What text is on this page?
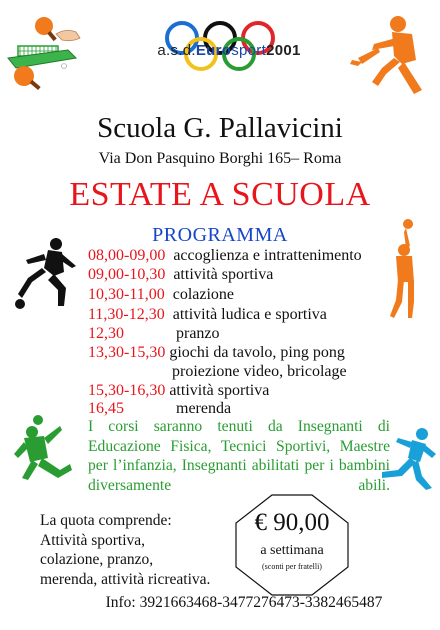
a.s.d.Eurosport2001
Scuola G. Pallavicini
Via Don Pasquino Borghi 165– Roma
ESTATE A SCUOLA
PROGRAMMA
08,00-09,00 accoglienza e intrattenimento
09,00-10,30 attività sportiva
10,30-11,00 colazione
11,30-12,30 attività ludica e sportiva
12,30	pranzo
13,30-15,30 giochi da tavolo, ping pong
proiezione video, bricolage
15,30-16,30 attività sportiva
16,45	merenda
I corsi saranno tenuti da Insegnanti di Educazione Fisica, Tecnici Sportivi, Maestre per l’infanzia, Insegnanti abilitati per i bambini diversamente abili.
La quota comprende:
Attività sportiva,
colazione, pranzo,
merenda, attività ricreativa.
€ 90,00
a settimana
(sconti per fratelli)
Info: 3921663468-3477276473-3382465487
